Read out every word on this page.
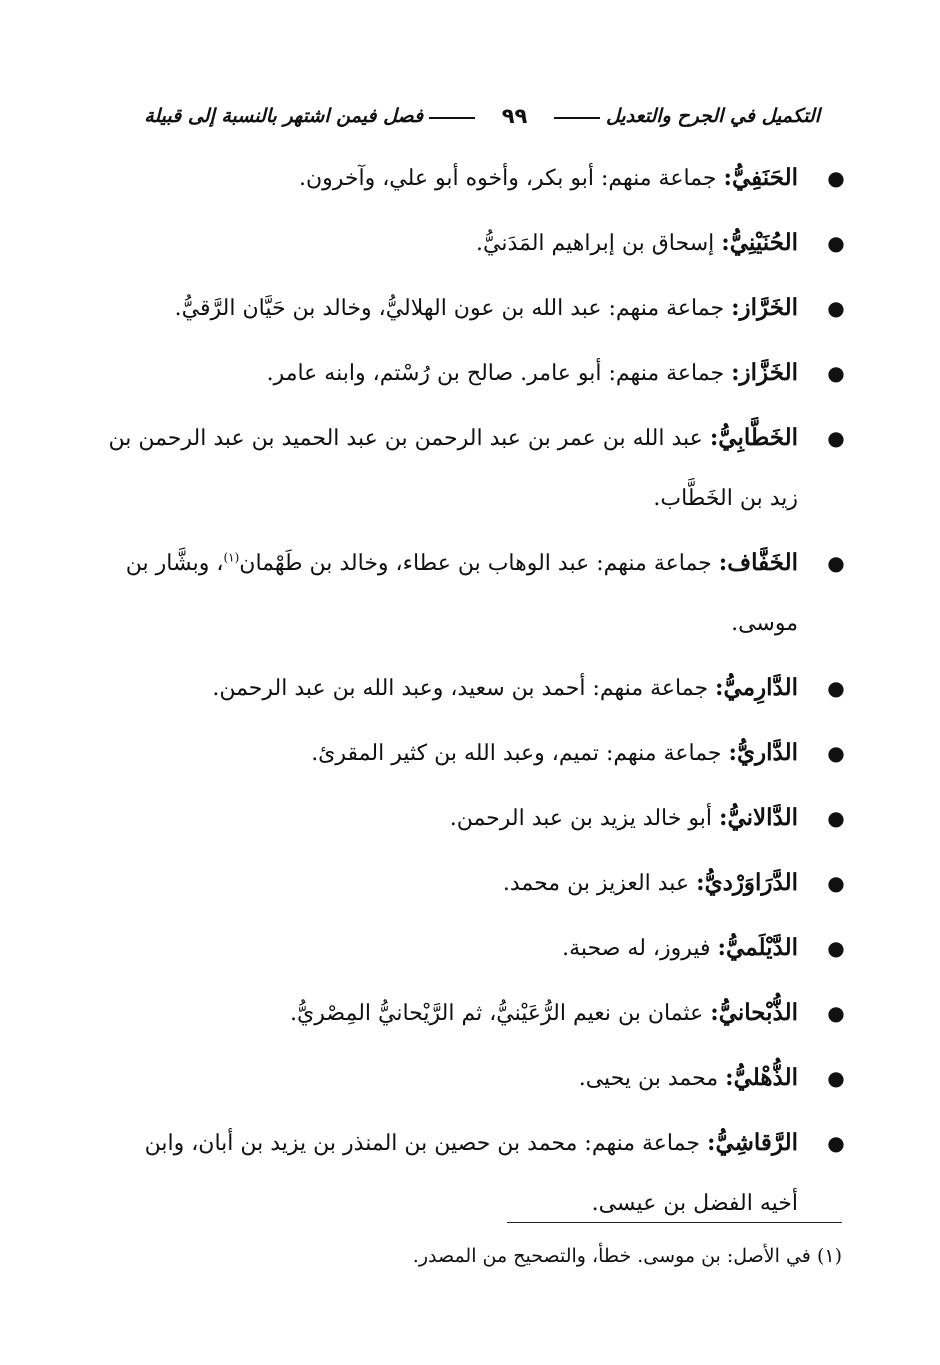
التكميل في الجرح والتعديل
٩٩
فصل فيمن اشتهر بالنسبة إلى قبيلة
●
الحَنَفِيُّ: جماعة منهم: أبو بكر، وأخوه أبو علي، وآخرون.
●
الحُنَيْنِيُّ: إسحاق بن إبراهيم المَدَنيُّ.
●
الخَرَّاز: جماعة منهم: عبد الله بن عون الهلاليُّ، وخالد بن حَيَّان الرَّقيُّ.
●
الخَزَّاز: جماعة منهم: أبو عامر. صالح بن رُسْتم، وابنه عامر.
●
الخَطَّابِيُّ: عبد الله بن عمر بن عبد الرحمن بن عبد الحميد بن عبد الرحمن بن زيد بن الخَطَّاب.
●
الخَفَّاف: جماعة منهم: عبد الوهاب بن عطاء، وخالد بن طَهْمان$^{(١)}$، وبشَّار بن موسى.
●
الدَّارِميُّ: جماعة منهم: أحمد بن سعيد، وعبد الله بن عبد الرحمن.
●
الدَّاريُّ: جماعة منهم: تميم، وعبد الله بن كثير المقرئ.
●
الدَّالانيُّ: أبو خالد يزيد بن عبد الرحمن.
●
الدَّرَاوَرْديُّ: عبد العزيز بن محمد.
●
الدَّيْلَميُّ: فيروز، له صحبة.
●
الذُّبْحانيُّ: عثمان بن نعيم الرُّعَيْنيُّ، ثم الرَّيْحانيُّ المِصْريُّ.
●
الذُّهْليُّ: محمد بن يحيى.
●
الرَّقاشِيُّ: جماعة منهم: محمد بن حصين بن المنذر بن يزيد بن أبان، وابن أخيه الفضل بن عيسى.
(١) في الأصل: بن موسى. خطأ، والتصحيح من المصدر.
